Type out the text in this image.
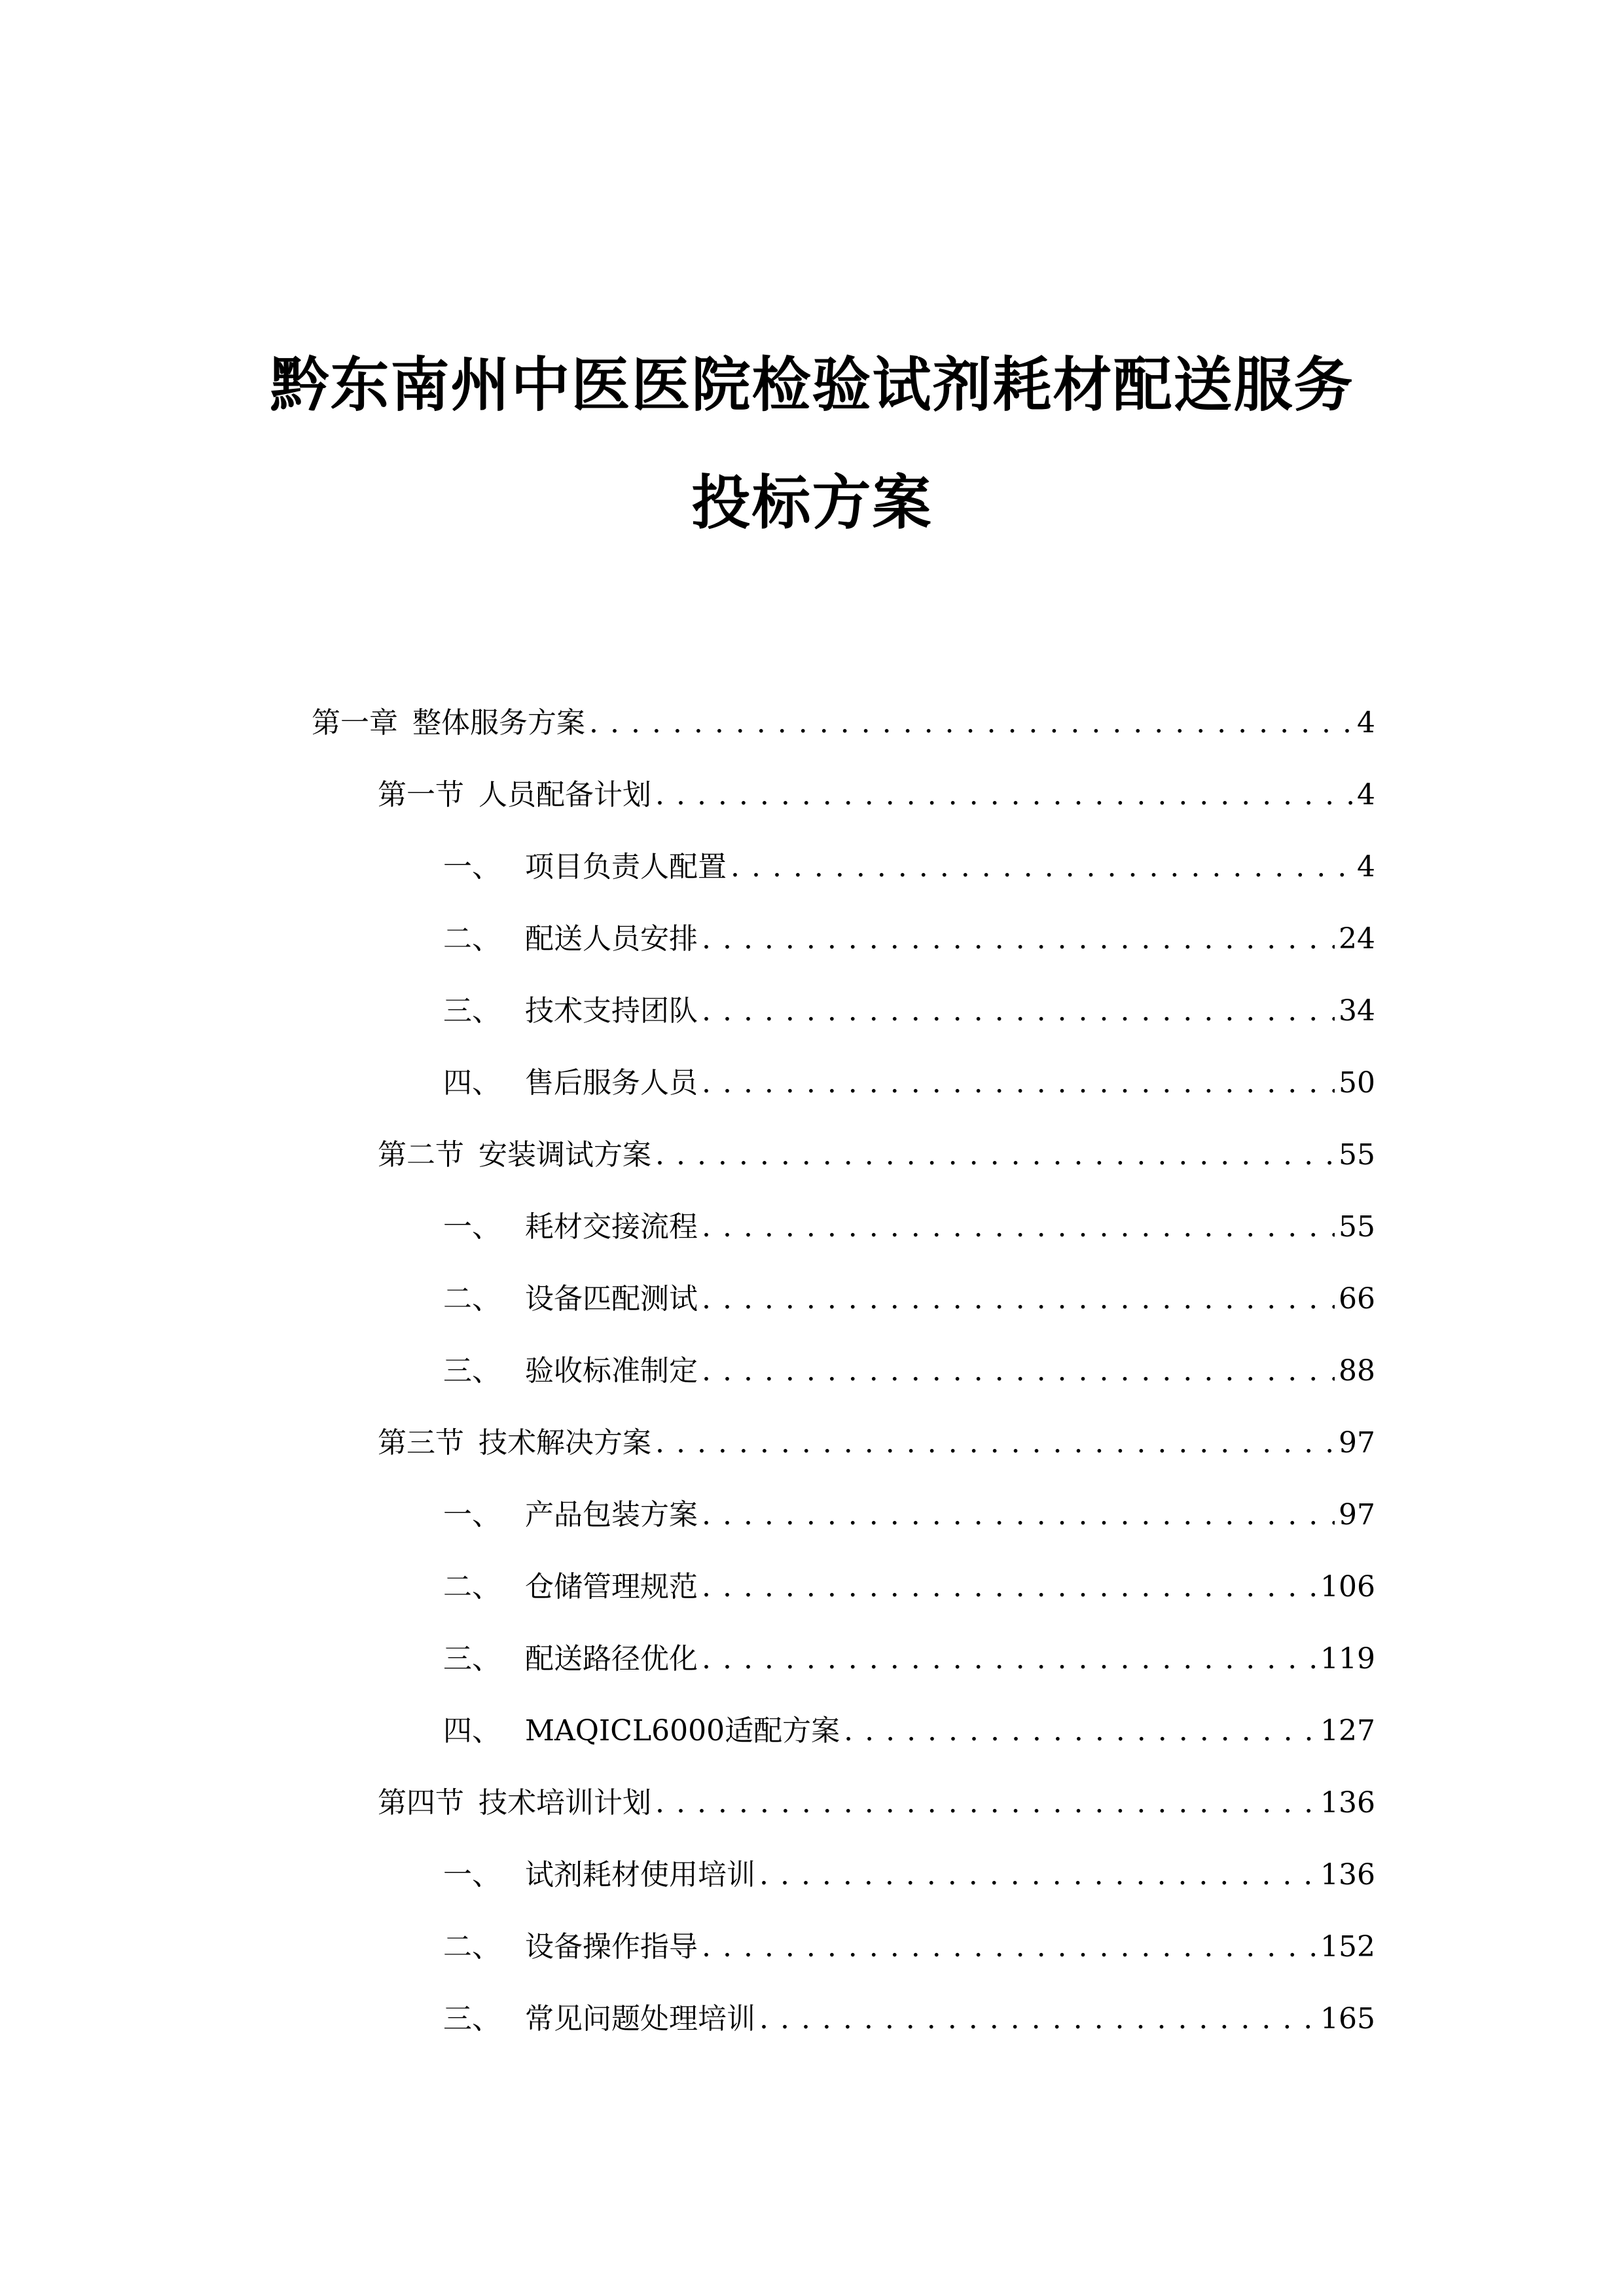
黔东南州中医医院检验试剂耗材配送服务
投标方案
第一章 整体服务方案 . . .	4
第一节 人员配备计划 . . .	4
一、 项目负责人配置 . . .	4
二、 配送人员安排 . . .	24
三、 技术支持团队 . . .	34
四、 售后服务人员 . . .	50
第二节 安装调试方案 . . .	55
一、 耗材交接流程 . . .	55
二、 设备匹配测试 . . .	66
三、 验收标准制定 . . .	88
第三节 技术解决方案 . . .	97
一、 产品包装方案 . . .	97
二、 仓储管理规范 . . .	106
三、 配送路径优化 . . .	119
四、 MAQICL6000适配方案 . . .	127
第四节 技术培训计划 . . .	136
一、 试剂耗材使用培训 . . .	136
二、 设备操作指导 . . .	152
三、 常见问题处理培训 . . .	165
